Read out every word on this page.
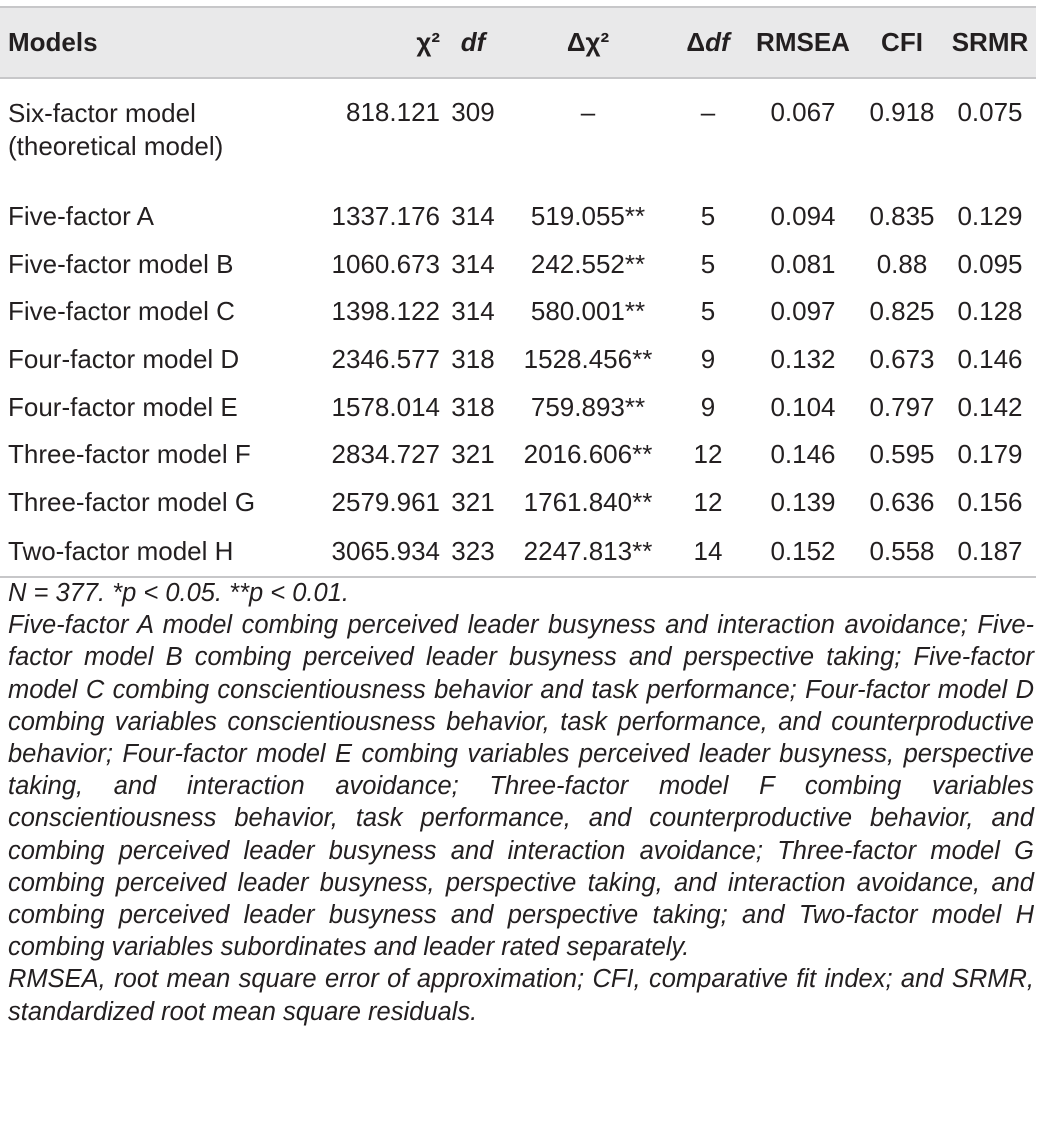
Models	χ²	df	Δχ²	Δdf	RMSEA	CFI	SRMR
Six-factor model (theoretical model)	818.121	309	–	–	0.067	0.918	0.075
Five-factor A	1337.176	314	519.055**	5	0.094	0.835	0.129
Five-factor model B	1060.673	314	242.552**	5	0.081	0.88	0.095
Five-factor model C	1398.122	314	580.001**	5	0.097	0.825	0.128
Four-factor model D	2346.577	318	1528.456**	9	0.132	0.673	0.146
Four-factor model E	1578.014	318	759.893**	9	0.104	0.797	0.142
Three-factor model F	2834.727	321	2016.606**	12	0.146	0.595	0.179
Three-factor model G	2579.961	321	1761.840**	12	0.139	0.636	0.156
Two-factor model H	3065.934	323	2247.813**	14	0.152	0.558	0.187

N = 377. *p < 0.05. **p < 0.01.

Five-factor A model combing perceived leader busyness and interaction avoidance; Five-factor model B combing perceived leader busyness and perspective taking; Five-factor model C combing conscientiousness behavior and task performance; Four-factor model D combing variables conscientiousness behavior, task performance, and counterproductive behavior; Four-factor model E combing variables perceived leader busyness, perspective taking, and interaction avoidance; Three-factor model F combing variables conscientiousness behavior, task performance, and counterproductive behavior, and combing perceived leader busyness and interaction avoidance; Three-factor model G combing perceived leader busyness, perspective taking, and interaction avoidance, and combing perceived leader busyness and perspective taking; and Two-factor model H combing variables subordinates and leader rated separately.

RMSEA, root mean square error of approximation; CFI, comparative fit index; and SRMR, standardized root mean square residuals.
